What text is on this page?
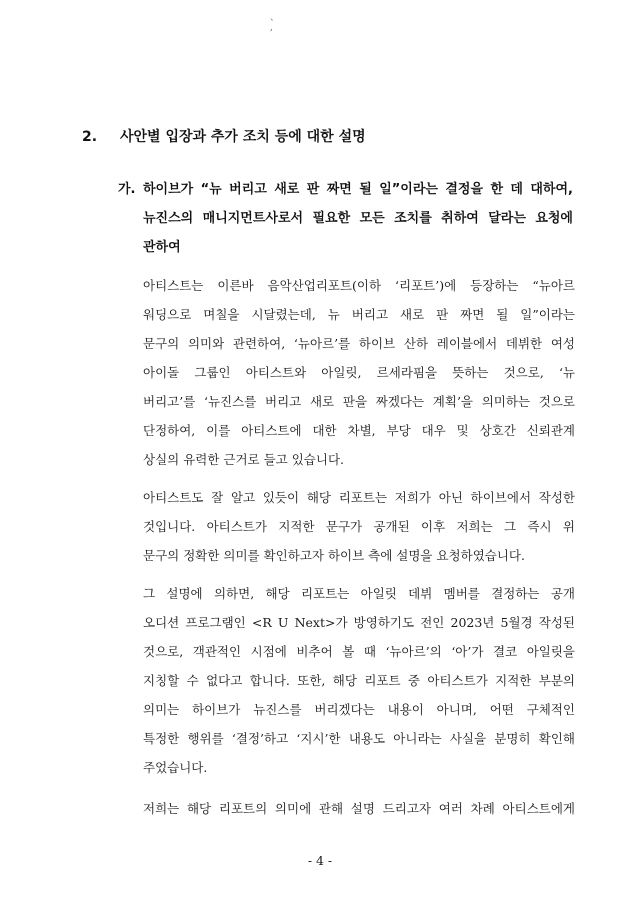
、 ,
2. 사안별 입장과 추가 조치 등에 대한 설명
가. 하이브가 “뉴 버리고 새로 판 짜면 될 일”이라는 결정을 한 데 대하여,
뉴진스의 매니지먼트사로서 필요한 모든 조치를 취하여 달라는 요청에
관하여
아티스트는 이른바 음악산업리포트(이하 ‘리포트’)에 등장하는 “뉴아르
워딩으로 며칠을 시달렸는데, 뉴 버리고 새로 판 짜면 될 일”이라는
문구의 의미와 관련하여, ‘뉴아르’를 하이브 산하 레이블에서 데뷔한 여성
아이돌 그룹인 아티스트와 아일릿, 르세라핌을 뜻하는 것으로, ‘뉴
버리고’를 ‘뉴진스를 버리고 새로 판을 짜겠다는 계획’을 의미하는 것으로
단정하여, 이를 아티스트에 대한 차별, 부당 대우 및 상호간 신뢰관계
상실의 유력한 근거로 들고 있습니다.
아티스트도 잘 알고 있듯이 해당 리포트는 저희가 아닌 하이브에서 작성한
것입니다. 아티스트가 지적한 문구가 공개된 이후 저희는 그 즉시 위
문구의 정확한 의미를 확인하고자 하이브 측에 설명을 요청하였습니다.
그 설명에 의하면, 해당 리포트는 아일릿 데뷔 멤버를 결정하는 공개
오디션 프로그램인 <R U Next>가 방영하기도 전인 2023년 5월경 작성된
것으로, 객관적인 시점에 비추어 볼 때 ‘뉴아르’의 ‘아’가 결코 아일릿을
지칭할 수 없다고 합니다. 또한, 해당 리포트 중 아티스트가 지적한 부분의
의미는 하이브가 뉴진스를 버리겠다는 내용이 아니며, 어떤 구체적인
특정한 행위를 ‘결정’하고 ‘지시’한 내용도 아니라는 사실을 분명히 확인해
주었습니다.
저희는 해당 리포트의 의미에 관해 설명 드리고자 여러 차례 아티스트에게
- 4 -
